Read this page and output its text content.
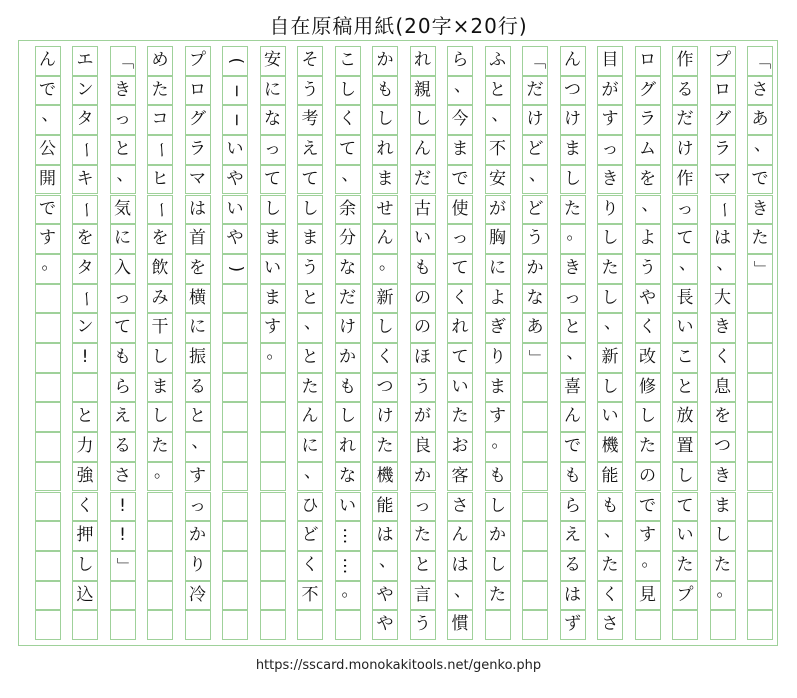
自在原稿用紙(20字×20行)
「
さ
あ
、
で
き
た
」
プ
ロ
グ
ラ
マ
ー
は
、
大
き
く
息
を
つ
き
ま
し
た
。
作
る
だ
け
作
っ
て
、
長
い
こ
と
放
置
し
て
い
た
プ
ロ
グ
ラ
ム
を
、
よ
う
や
く
改
修
し
た
の
で
す
。
見
目
が
す
っ
き
り
し
た
し
、
新
し
い
機
能
も
、
た
く
さ
ん
つ
け
ま
し
た
。
き
っ
と
、
喜
ん
で
も
ら
え
る
は
ず
「
だ
け
ど
、
ど
う
か
な
あ
」
ふ
と
、
不
安
が
胸
に
よ
ぎ
り
ま
す
。
も
し
か
し
た
ら
、
今
ま
で
使
っ
て
く
れ
て
い
た
お
客
さ
ん
は
、
慣
れ
親
し
ん
だ
古
い
も
の
の
ほ
う
が
良
か
っ
た
と
言
う
か
も
し
れ
ま
せ
ん
。
新
し
く
つ
け
た
機
能
は
、
や
や
こ
し
く
て
、
余
分
な
だ
け
か
も
し
れ
な
い
…
…
。
そ
う
考
え
て
し
ま
う
と
、
と
た
ん
に
、
ひ
ど
く
不
安
に
な
っ
て
し
ま
い
ま
す
。
(
─
─
い
や
い
や
)
プ
ロ
グ
ラ
マ
は
首
を
横
に
振
る
と
、
す
っ
か
り
冷
め
た
コ
ー
ヒ
ー
を
飲
み
干
し
ま
し
た
。
「
き
っ
と
、
気
に
入
っ
て
も
ら
え
る
さ
!
!
」
エ
ン
タ
ー
キ
ー
を
タ
ー
ン
!

と
力
強
く
押
し
込
ん
で
、
公
開
で
す
。
https://sscard.monokakitools.net/genko.php
